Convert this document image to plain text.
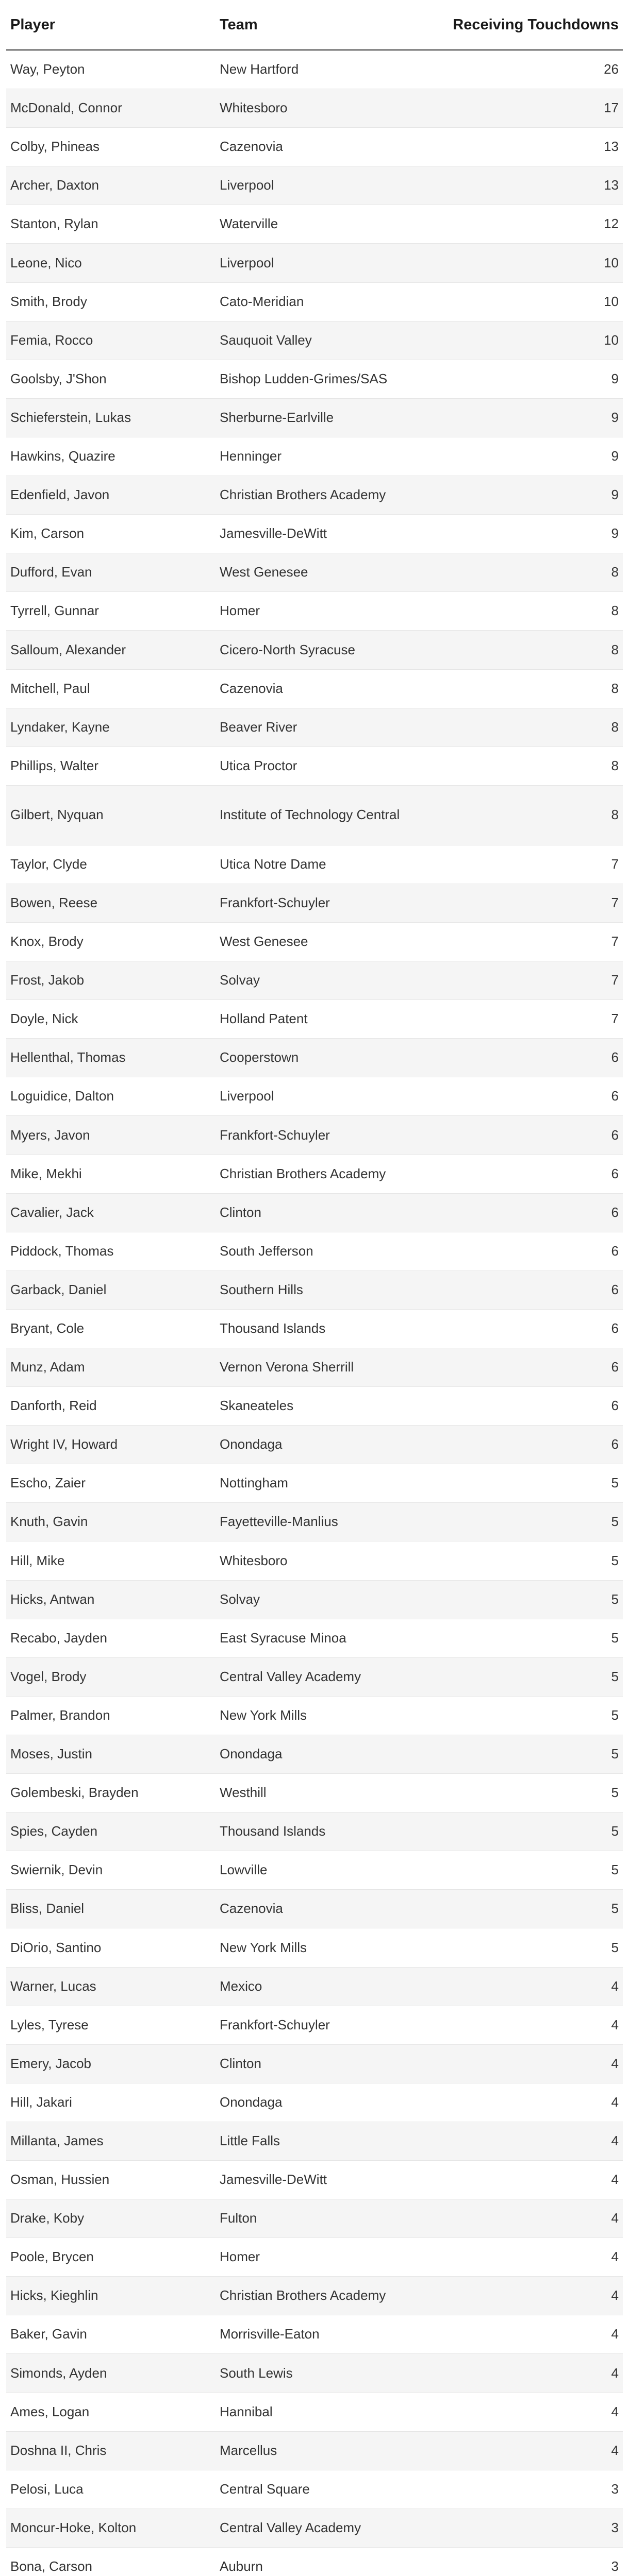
Player	Team	Receiving Touchdowns
Way, Peyton	New Hartford	26
McDonald, Connor	Whitesboro	17
Colby, Phineas	Cazenovia	13
Archer, Daxton	Liverpool	13
Stanton, Rylan	Waterville	12
Leone, Nico	Liverpool	10
Smith, Brody	Cato-Meridian	10
Femia, Rocco	Sauquoit Valley	10
Goolsby, J'Shon	Bishop Ludden-Grimes/SAS	9
Schieferstein, Lukas	Sherburne-Earlville	9
Hawkins, Quazire	Henninger	9
Edenfield, Javon	Christian Brothers Academy	9
Kim, Carson	Jamesville-DeWitt	9
Dufford, Evan	West Genesee	8
Tyrrell, Gunnar	Homer	8
Salloum, Alexander	Cicero-North Syracuse	8
Mitchell, Paul	Cazenovia	8
Lyndaker, Kayne	Beaver River	8
Phillips, Walter	Utica Proctor	8
Gilbert, Nyquan	Institute of Technology Central	8
Taylor, Clyde	Utica Notre Dame	7
Bowen, Reese	Frankfort-Schuyler	7
Knox, Brody	West Genesee	7
Frost, Jakob	Solvay	7
Doyle, Nick	Holland Patent	7
Hellenthal, Thomas	Cooperstown	6
Loguidice, Dalton	Liverpool	6
Myers, Javon	Frankfort-Schuyler	6
Mike, Mekhi	Christian Brothers Academy	6
Cavalier, Jack	Clinton	6
Piddock, Thomas	South Jefferson	6
Garback, Daniel	Southern Hills	6
Bryant, Cole	Thousand Islands	6
Munz, Adam	Vernon Verona Sherrill	6
Danforth, Reid	Skaneateles	6
Wright IV, Howard	Onondaga	6
Escho, Zaier	Nottingham	5
Knuth, Gavin	Fayetteville-Manlius	5
Hill, Mike	Whitesboro	5
Hicks, Antwan	Solvay	5
Recabo, Jayden	East Syracuse Minoa	5
Vogel, Brody	Central Valley Academy	5
Palmer, Brandon	New York Mills	5
Moses, Justin	Onondaga	5
Golembeski, Brayden	Westhill	5
Spies, Cayden	Thousand Islands	5
Swiernik, Devin	Lowville	5
Bliss, Daniel	Cazenovia	5
DiOrio, Santino	New York Mills	5
Warner, Lucas	Mexico	4
Lyles, Tyrese	Frankfort-Schuyler	4
Emery, Jacob	Clinton	4
Hill, Jakari	Onondaga	4
Millanta, James	Little Falls	4
Osman, Hussien	Jamesville-DeWitt	4
Drake, Koby	Fulton	4
Poole, Brycen	Homer	4
Hicks, Kieghlin	Christian Brothers Academy	4
Baker, Gavin	Morrisville-Eaton	4
Simonds, Ayden	South Lewis	4
Ames, Logan	Hannibal	4
Doshna II, Chris	Marcellus	4
Pelosi, Luca	Central Square	3
Moncur-Hoke, Kolton	Central Valley Academy	3
Bona, Carson	Auburn	3
